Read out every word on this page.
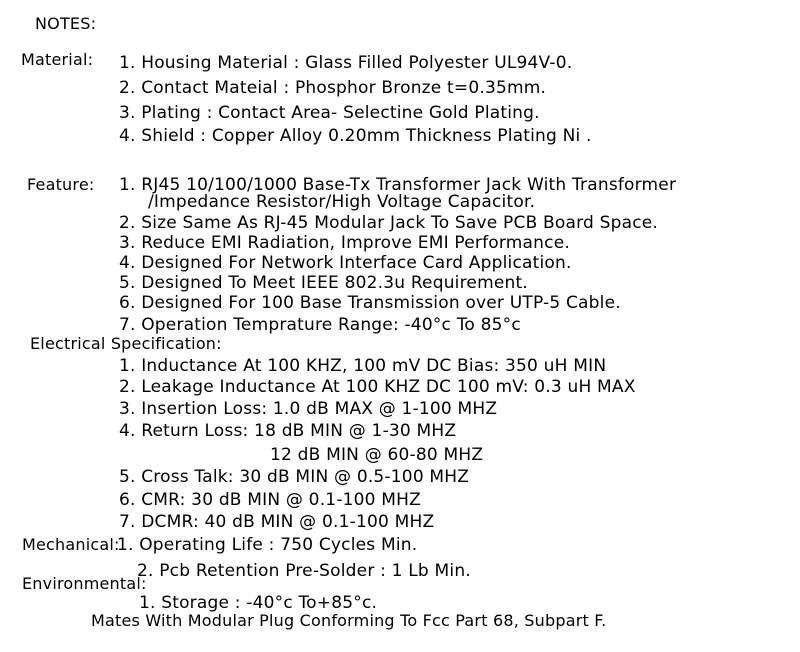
NOTES:
Material: 1. Housing Material : Glass Filled Polyester UL94V-0.
2. Contact Mateial : Phosphor Bronze t=0.35mm.
3. Plating : Contact Area- Selectine Gold Plating.
4. Shield : Copper Alloy 0.20mm Thickness Plating Ni .
Feature: 1. RJ45 10/100/1000 Base-Tx Transformer Jack With Transformer
/Impedance Resistor/High Voltage Capacitor.
2. Size Same As RJ-45 Modular Jack To Save PCB Board Space.
3. Reduce EMI Radiation, Improve EMI Performance.
4. Designed For Network Interface Card Application.
5. Designed To Meet IEEE 802.3u Requirement.
6. Designed For 100 Base Transmission over UTP-5 Cable.
7. Operation Temprature Range: -40°c To 85°c
Electrical Specification:
1. Inductance At 100 KHZ, 100 mV DC Bias: 350 uH MIN
2. Leakage Inductance At 100 KHZ DC 100 mV: 0.3 uH MAX
3. Insertion Loss: 1.0 dB MAX @ 1-100 MHZ
4. Return Loss: 18 dB MIN @ 1-30 MHZ
12 dB MIN @ 60-80 MHZ
5. Cross Talk: 30 dB MIN @ 0.5-100 MHZ
6. CMR: 30 dB MIN @ 0.1-100 MHZ
7. DCMR: 40 dB MIN @ 0.1-100 MHZ
Mechanical:
1. Operating Life : 750 Cycles Min.
2. Pcb Retention Pre-Solder : 1 Lb Min.
Environmental:
1. Storage : -40°c To+85°c.
Mates With Modular Plug Conforming To Fcc Part 68, Subpart F.
